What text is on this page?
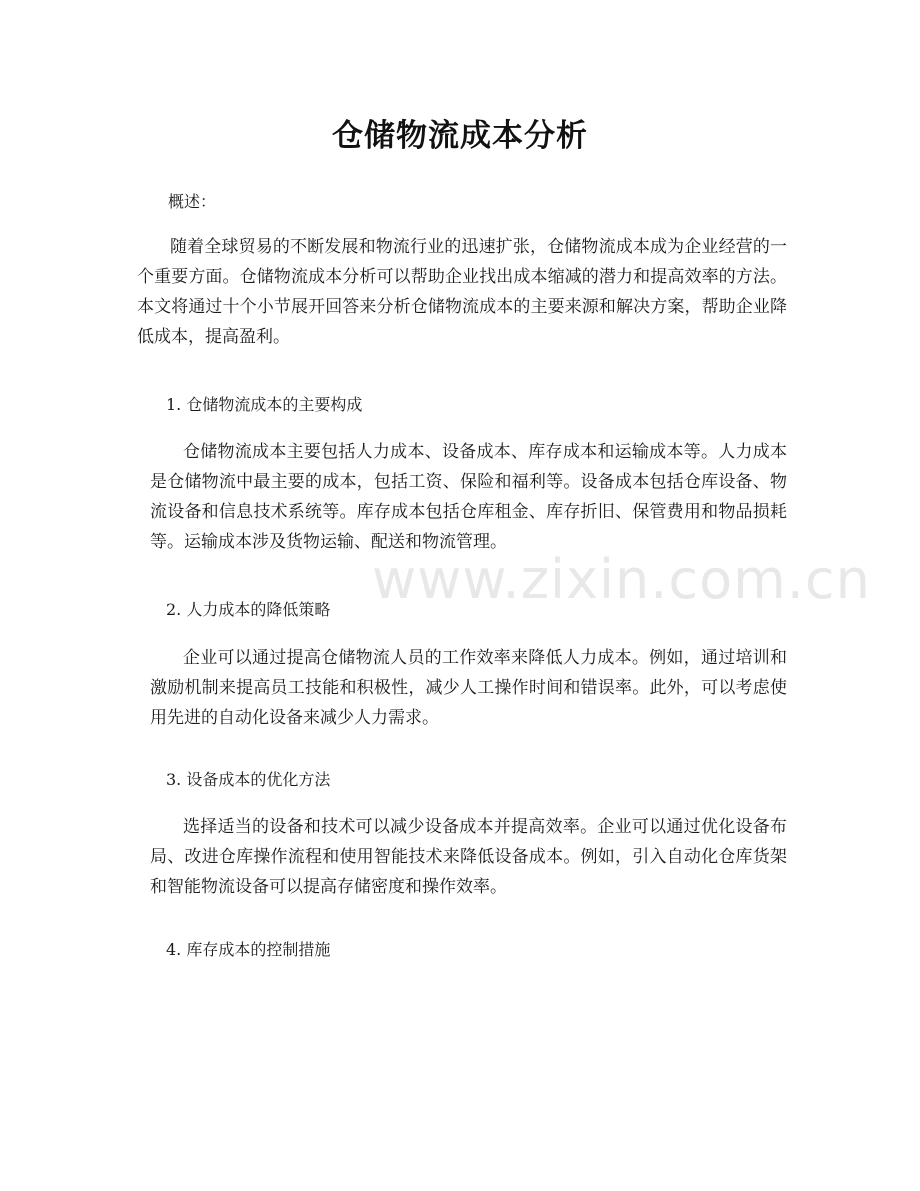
仓储物流成本分析
概述：
随着全球贸易的不断发展和物流行业的迅速扩张，仓储物流成本成为企业经营的一个重要方面。仓储物流成本分析可以帮助企业找出成本缩减的潜力和提高效率的方法。本文将通过十个小节展开回答来分析仓储物流成本的主要来源和解决方案，帮助企业降低成本，提高盈利。
1. 仓储物流成本的主要构成
仓储物流成本主要包括人力成本、设备成本、库存成本和运输成本等。人力成本是仓储物流中最主要的成本，包括工资、保险和福利等。设备成本包括仓库设备、物流设备和信息技术系统等。库存成本包括仓库租金、库存折旧、保管费用和物品损耗等。运输成本涉及货物运输、配送和物流管理。
2. 人力成本的降低策略
企业可以通过提高仓储物流人员的工作效率来降低人力成本。例如，通过培训和激励机制来提高员工技能和积极性，减少人工操作时间和错误率。此外，可以考虑使用先进的自动化设备来减少人力需求。
3. 设备成本的优化方法
选择适当的设备和技术可以减少设备成本并提高效率。企业可以通过优化设备布局、改进仓库操作流程和使用智能技术来降低设备成本。例如，引入自动化仓库货架和智能物流设备可以提高存储密度和操作效率。
4. 库存成本的控制措施
www.zixin.com.cn
